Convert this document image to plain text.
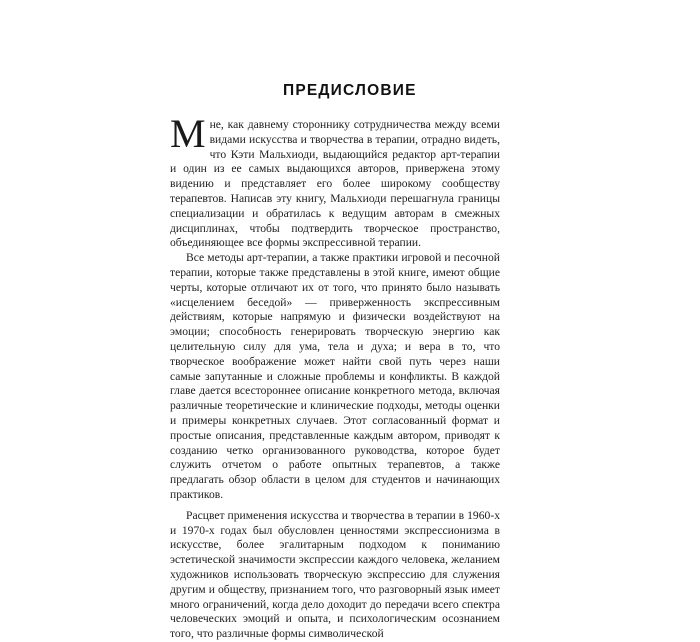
ПРЕДИСЛОВИЕ

Мне, как давнему стороннику сотрудничества между всеми видами искусства и творчества в терапии, отрадно видеть, что Кэти Мальхиоди, выдающийся редактор арт-терапии и один из ее самых выдающихся авторов, привержена этому видению и представляет его более широкому сообществу терапевтов. Написав эту книгу, Мальхиоди перешагнула границы специализации и обратилась к ведущим авторам в смежных дисциплинах, чтобы подтвердить творческое пространство, объединяющее все формы экспрессивной терапии.

Все методы арт-терапии, а также практики игровой и песочной терапии, которые также представлены в этой книге, имеют общие черты, которые отличают их от того, что принято было называть «исцелением беседой» — приверженность экспрессивным действиям, которые напрямую и физически воздействуют на эмоции; способность генерировать творческую энергию как целительную силу для ума, тела и духа; и вера в то, что творческое воображение может найти свой путь через наши самые запутанные и сложные проблемы и конфликты. В каждой главе дается всестороннее описание конкретного метода, включая различные теоретические и клинические подходы, методы оценки и примеры конкретных случаев. Этот согласованный формат и простые описания, представленные каждым автором, приводят к созданию четко организованного руководства, которое будет служить отчетом о работе опытных терапевтов, а также предлагать обзор области в целом для студентов и начинающих практиков.

Расцвет применения искусства и творчества в терапии в 1960-х и 1970-х годах был обусловлен ценностями экспрессионизма в искусстве, более эгалитарным подходом к пониманию эстетической значимости экспрессии каждого человека, желанием художников использовать творческую экспрессию для служения другим и обществу, признанием того, что разговорный язык имеет много ограничений, когда дело доходит до передачи всего спектра человеческих эмоций и опыта, и психологическим осознанием того, что различные формы символической
